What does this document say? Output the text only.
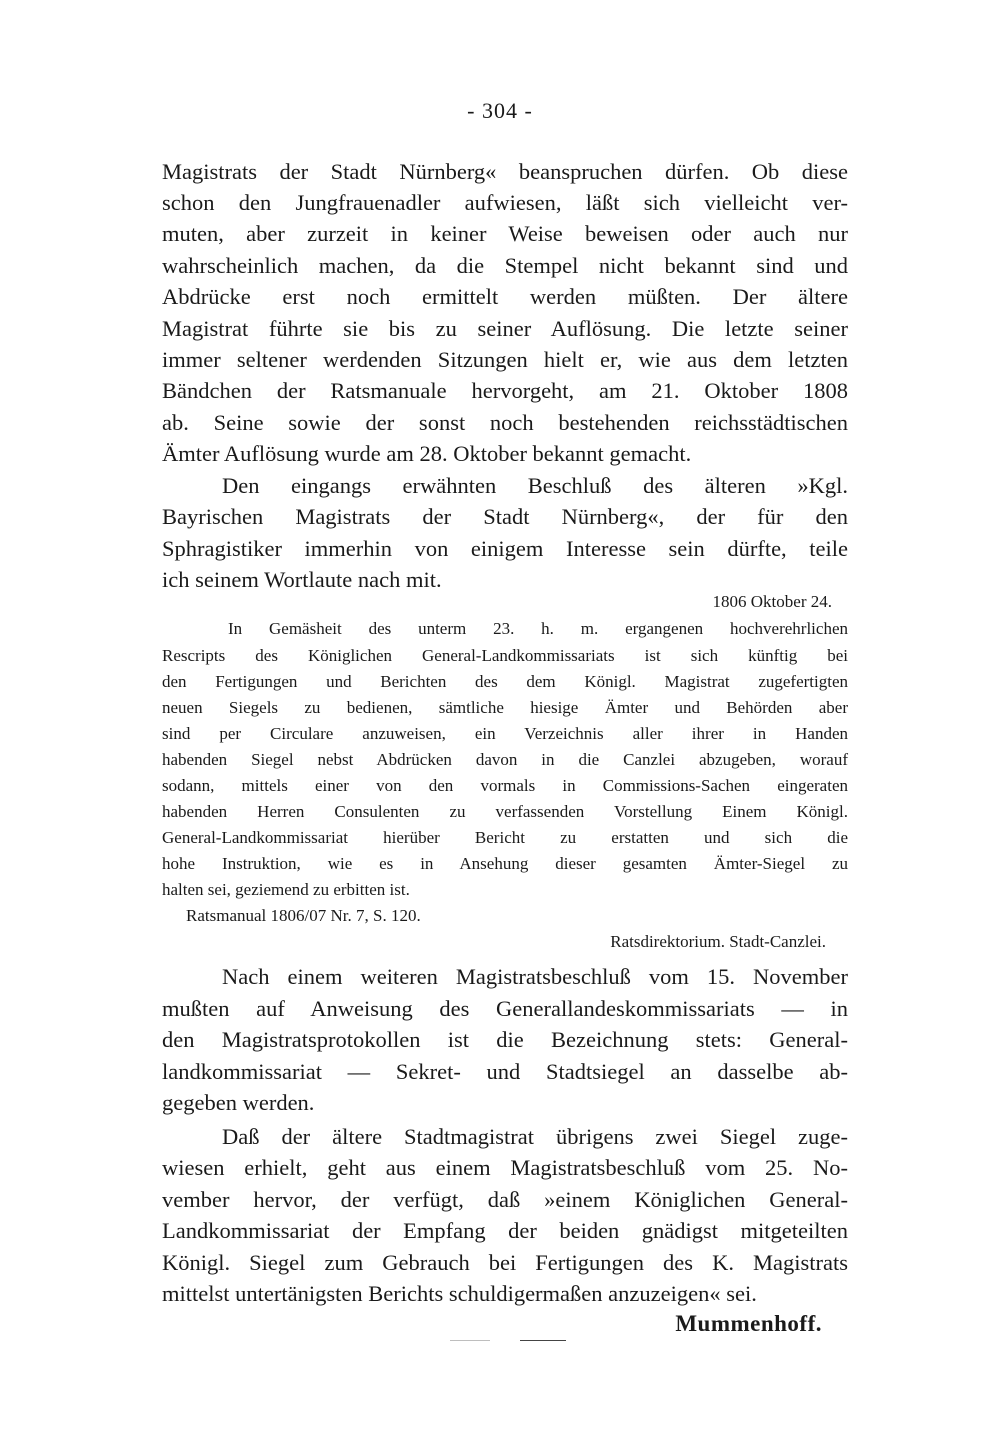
- 304 -
Magistrats der Stadt Nürnberg« beanspruchen dürfen. Ob diese
schon den Jungfrauenadler aufwiesen, läßt sich vielleicht ver-
muten, aber zurzeit in keiner Weise beweisen oder auch nur
wahrscheinlich machen, da die Stempel nicht bekannt sind und
Abdrücke erst noch ermittelt werden müßten. Der ältere
Magistrat führte sie bis zu seiner Auflösung. Die letzte seiner
immer seltener werdenden Sitzungen hielt er, wie aus dem letzten
Bändchen der Ratsmanuale hervorgeht, am 21. Oktober 1808
ab. Seine sowie der sonst noch bestehenden reichsstädtischen
Ämter Auflösung wurde am 28. Oktober bekannt gemacht.
Den eingangs erwähnten Beschluß des älteren »Kgl.
Bayrischen Magistrats der Stadt Nürnberg«, der für den
Sphragistiker immerhin von einigem Interesse sein dürfte, teile
ich seinem Wortlaute nach mit.
1806 Oktober 24.
In Gemäsheit des unterm 23. h. m. ergangenen hochverehrlichen
Rescripts des Königlichen General-Landkommissariats ist sich künftig bei
den Fertigungen und Berichten des dem Königl. Magistrat zugefertigten
neuen Siegels zu bedienen, sämtliche hiesige Ämter und Behörden aber
sind per Circulare anzuweisen, ein Verzeichnis aller ihrer in Handen
habenden Siegel nebst Abdrücken davon in die Canzlei abzugeben, worauf
sodann, mittels einer von den vormals in Commissions-Sachen eingeraten
habenden Herren Consulenten zu verfassenden Vorstellung Einem Königl.
General-Landkommissariat hierüber Bericht zu erstatten und sich die
hohe Instruktion, wie es in Ansehung dieser gesamten Ämter-Siegel zu
halten sei, geziemend zu erbitten ist.
Ratsmanual 1806/07 Nr. 7, S. 120.
Ratsdirektorium. Stadt-Canzlei.
Nach einem weiteren Magistratsbeschluß vom 15. November
mußten auf Anweisung des Generallandeskommissariats — in
den Magistratsprotokollen ist die Bezeichnung stets: General-
landkommissariat — Sekret- und Stadtsiegel an dasselbe ab-
gegeben werden.
Daß der ältere Stadtmagistrat übrigens zwei Siegel zuge-
wiesen erhielt, geht aus einem Magistratsbeschluß vom 25. No-
vember hervor, der verfügt, daß »einem Königlichen General-
Landkommissariat der Empfang der beiden gnädigst mitgeteilten
Königl. Siegel zum Gebrauch bei Fertigungen des K. Magistrats
mittelst untertänigsten Berichts schuldigermaßen anzuzeigen« sei.
Mummenhoff.
